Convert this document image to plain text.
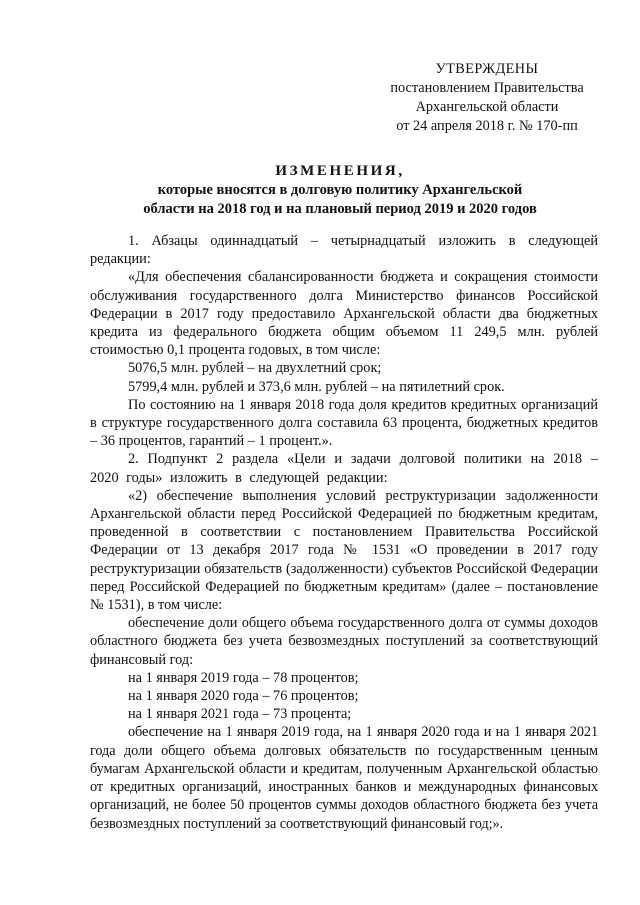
УТВЕРЖДЕНЫ
постановлением Правительства
Архангельской области
от 24 апреля 2018 г. № 170-пп
ИЗМЕНЕНИЯ,
которые вносятся в долговую политику Архангельской
области на 2018 год и на плановый период 2019 и 2020 годов

1. Абзацы одиннадцатый – четырнадцатый изложить в следующей редакции:

«Для обеспечения сбалансированности бюджета и сокращения стоимости обслуживания государственного долга Министерство финансов Российской Федерации в 2017 году предоставило Архангельской области два бюджетных кредита из федерального бюджета общим объемом 11 249,5 млн. рублей стоимостью 0,1 процента годовых, в том числе:

5076,5 млн. рублей – на двухлетний срок;

5799,4 млн. рублей и 373,6 млн. рублей – на пятилетний срок.

По состоянию на 1 января 2018 года доля кредитов кредитных организаций в структуре государственного долга составила 63 процента, бюджетных кредитов – 36 процентов, гарантий – 1 процент.».

2. Подпункт 2 раздела «Цели и задачи долговой политики на 2018 – 2020 годы» изложить в следующей редакции:

«2) обеспечение выполнения условий реструктуризации задолженности Архангельской области перед Российской Федерацией по бюджетным кредитам, проведенной в соответствии с постановлением Правительства Российской Федерации от 13 декабря 2017 года № 1531 «О проведении в 2017 году реструктуризации обязательств (задолженности) субъектов Российской Федерации перед Российской Федерацией по бюджетным кредитам» (далее – постановление № 1531), в том числе:

обеспечение доли общего объема государственного долга от суммы доходов областного бюджета без учета безвозмездных поступлений за соответствующий финансовый год:

на 1 января 2019 года – 78 процентов;

на 1 января 2020 года – 76 процентов;

на 1 января 2021 года – 73 процента;

обеспечение на 1 января 2019 года, на 1 января 2020 года и на 1 января 2021 года доли общего объема долговых обязательств по государственным ценным бумагам Архангельской области и кредитам, полученным Архангельской областью от кредитных организаций, иностранных банков и международных финансовых организаций, не более 50 процентов суммы доходов областного бюджета без учета безвозмездных поступлений за соответствующий финансовый год;».
